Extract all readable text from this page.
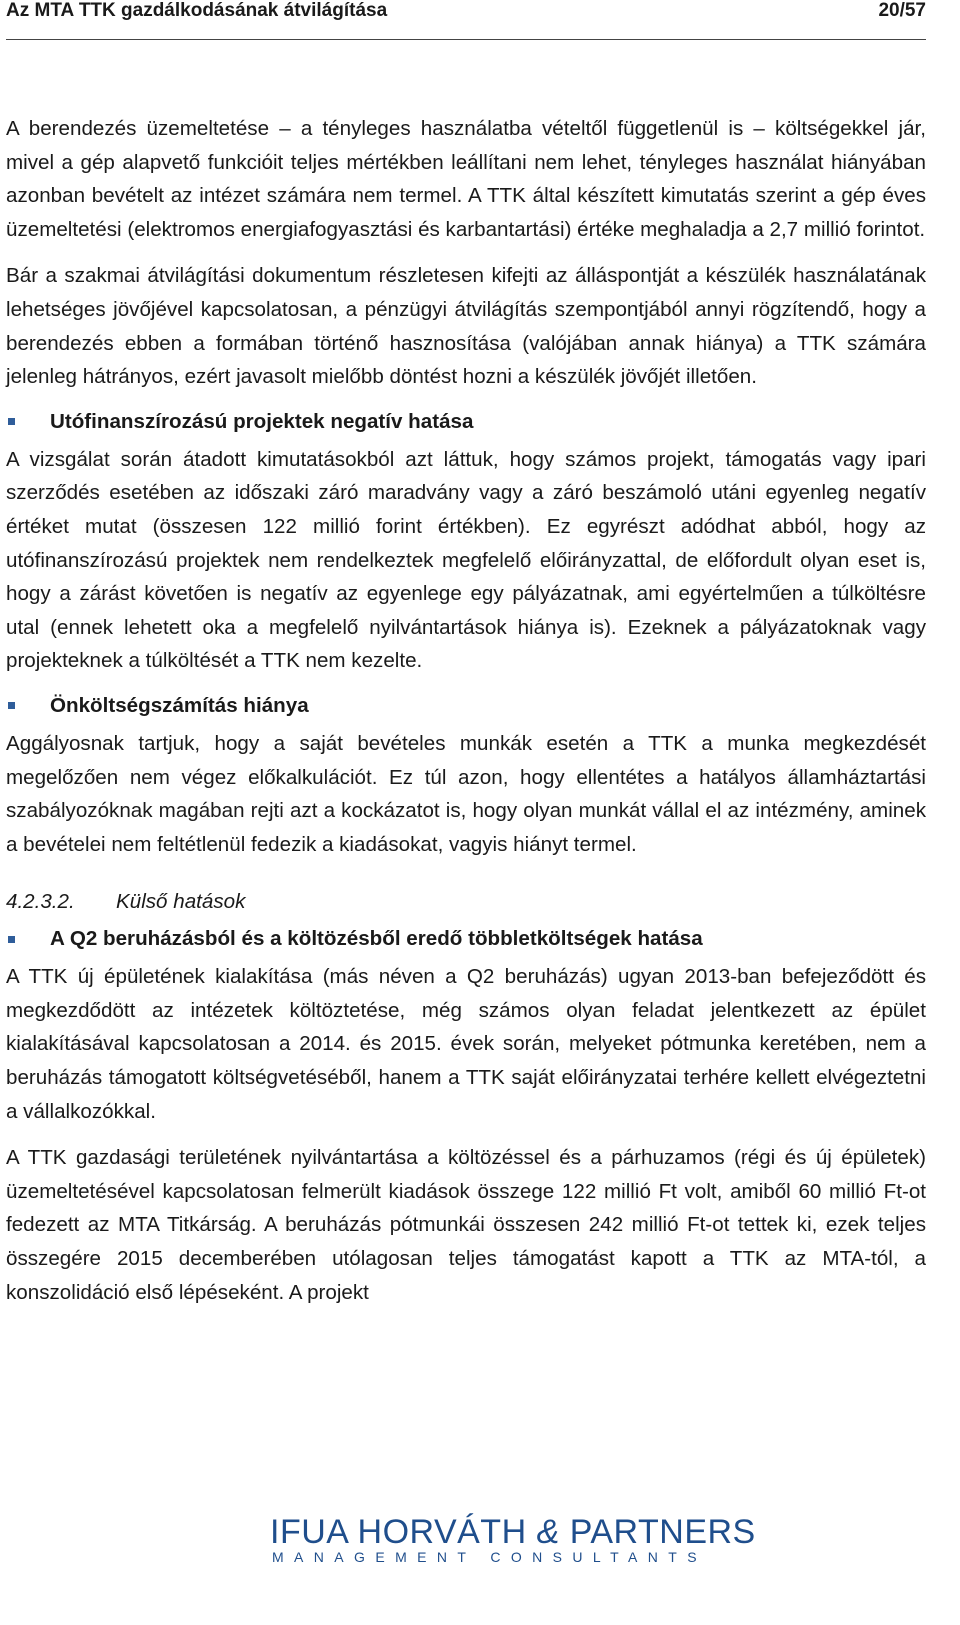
Az MTA TTK gazdálkodásának átvilágítása	20/57

A berendezés üzemeltetése – a tényleges használatba vételtől függetlenül is – költségekkel jár, mivel a gép alapvető funkcióit teljes mértékben leállítani nem lehet, tényleges használat hiányában azonban bevételt az intézet számára nem termel. A TTK által készített kimutatás szerint a gép éves üzemeltetési (elektromos energiafogyasztási és karbantartási) értéke meghaladja a 2,7 millió forintot.

Bár a szakmai átvilágítási dokumentum részletesen kifejti az álláspontját a készülék használatának lehetséges jövőjével kapcsolatosan, a pénzügyi átvilágítás szempontjából annyi rögzítendő, hogy a berendezés ebben a formában történő hasznosítása (valójában annak hiánya) a TTK számára jelenleg hátrányos, ezért javasolt mielőbb döntést hozni a készülék jövőjét illetően.

Utófinanszírozású projektek negatív hatása

A vizsgálat során átadott kimutatásokból azt láttuk, hogy számos projekt, támogatás vagy ipari szerződés esetében az időszaki záró maradvány vagy a záró beszámoló utáni egyenleg negatív értéket mutat (összesen 122 millió forint értékben). Ez egyrészt adódhat abból, hogy az utófinanszírozású projektek nem rendelkeztek megfelelő előirányzattal, de előfordult olyan eset is, hogy a zárást követően is negatív az egyenlege egy pályázatnak, ami egyértelműen a túlköltésre utal (ennek lehetett oka a megfelelő nyilvántartások hiánya is). Ezeknek a pályázatoknak vagy projekteknek a túlköltését a TTK nem kezelte.

Önköltségszámítás hiánya

Aggályosnak tartjuk, hogy a saját bevételes munkák esetén a TTK a munka megkezdését megelőzően nem végez előkalkulációt. Ez túl azon, hogy ellentétes a hatályos államháztartási szabályozóknak magában rejti azt a kockázatot is, hogy olyan munkát vállal el az intézmény, aminek a bevételei nem feltétlenül fedezik a kiadásokat, vagyis hiányt termel.

4.2.3.2. Külső hatások
A Q2 beruházásból és a költözésből eredő többletköltségek hatása

A TTK új épületének kialakítása (más néven a Q2 beruházás) ugyan 2013-ban befejeződött és megkezdődött az intézetek költöztetése, még számos olyan feladat jelentkezett az épület kialakításával kapcsolatosan a 2014. és 2015. évek során, melyeket pótmunka keretében, nem a beruházás támogatott költségvetéséből, hanem a TTK saját előirányzatai terhére kellett elvégeztetni a vállalkozókkal.

A TTK gazdasági területének nyilvántartása a költözéssel és a párhuzamos (régi és új épületek) üzemeltetésével kapcsolatosan felmerült kiadások összege 122 millió Ft volt, amiből 60 millió Ft-ot fedezett az MTA Titkárság. A beruházás pótmunkái összesen 242 millió Ft-ot tettek ki, ezek teljes összegére 2015 decemberében utólagosan teljes támogatást kapott a TTK az MTA-tól, a konszolidáció első lépéseként. A projekt

IFUA HORVÁTH & PARTNERS
MANAGEMENT CONSULTANTS
